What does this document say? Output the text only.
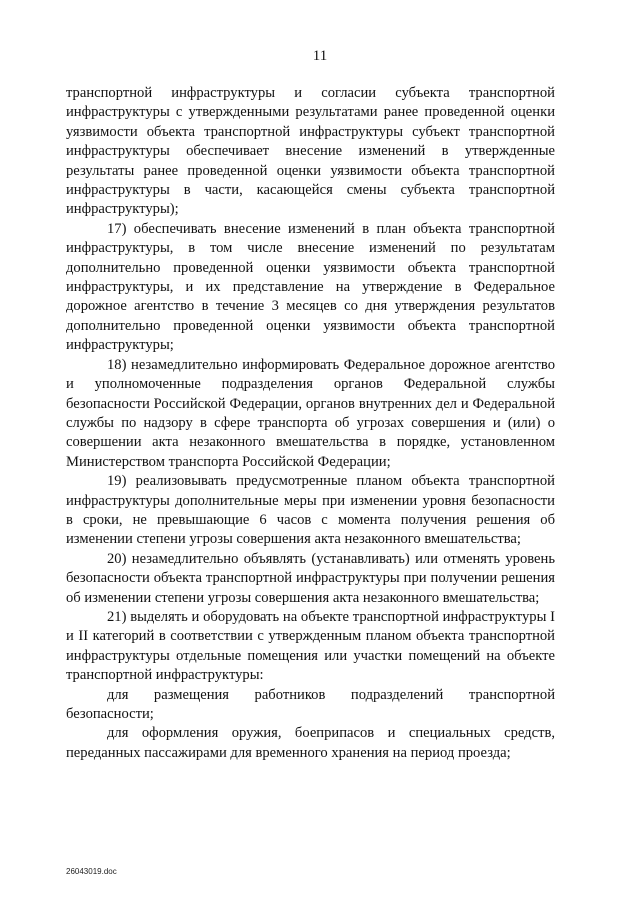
11

транспортной инфраструктуры и согласии субъекта транспортной инфраструктуры с утвержденными результатами ранее проведенной оценки уязвимости объекта транспортной инфраструктуры субъект транспортной инфраструктуры обеспечивает внесение изменений в утвержденные результаты ранее проведенной оценки уязвимости объекта транспортной инфраструктуры в части, касающейся смены субъекта транспортной инфраструктуры);

17) обеспечивать внесение изменений в план объекта транспортной инфраструктуры, в том числе внесение изменений по результатам дополнительно проведенной оценки уязвимости объекта транспортной инфраструктуры, и их представление на утверждение в Федеральное дорожное агентство в течение 3 месяцев со дня утверждения результатов дополнительно проведенной оценки уязвимости объекта транспортной инфраструктуры;

18) незамедлительно информировать Федеральное дорожное агентство и уполномоченные подразделения органов Федеральной службы безопасности Российской Федерации, органов внутренних дел и Федеральной службы по надзору в сфере транспорта об угрозах совершения и (или) о совершении акта незаконного вмешательства в порядке, установленном Министерством транспорта Российской Федерации;

19) реализовывать предусмотренные планом объекта транспортной инфраструктуры дополнительные меры при изменении уровня безопасности в сроки, не превышающие 6 часов с момента получения решения об изменении степени угрозы совершения акта незаконного вмешательства;

20) незамедлительно объявлять (устанавливать) или отменять уровень безопасности объекта транспортной инфраструктуры при получении решения об изменении степени угрозы совершения акта незаконного вмешательства;

21) выделять и оборудовать на объекте транспортной инфраструктуры I и II категорий в соответствии с утвержденным планом объекта транспортной инфраструктуры отдельные помещения или участки помещений на объекте транспортной инфраструктуры:

для размещения работников подразделений транспортной безопасности;

для оформления оружия, боеприпасов и специальных средств, переданных пассажирами для временного хранения на период проезда;

26043019.doc
